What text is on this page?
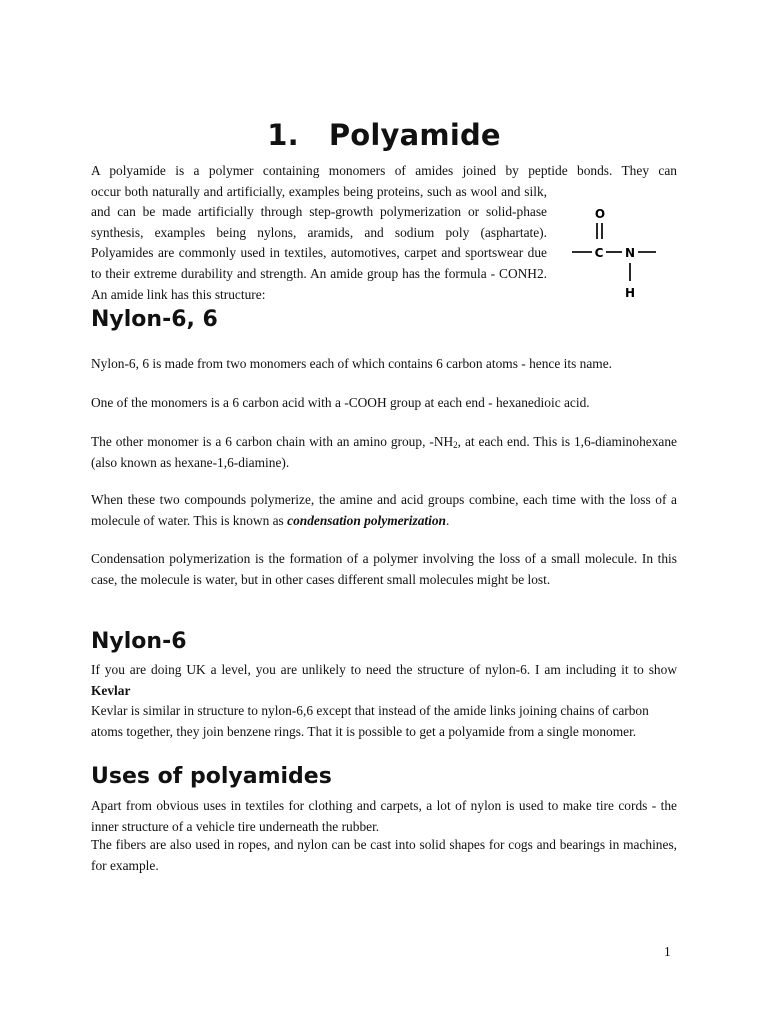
1. Polyamide

A polyamide is a polymer containing monomers of amides joined by peptide bonds. They can

occur both naturally and artificially, examples being proteins, such as wool and silk, and can be made artificially through step-growth polymerization or solid-phase synthesis, examples being nylons, aramids, and sodium poly (asphartate). Polyamides are commonly used in textiles, automotives, carpet and sportswear due to their extreme durability and strength. An amide group has the formula - CONH2. An amide link has this structure:

O
C N
H
Nylon-6, 6

Nylon-6, 6 is made from two monomers each of which contains 6 carbon atoms - hence its name.

One of the monomers is a 6 carbon acid with a -COOH group at each end - hexanedioic acid.

The other monomer is a 6 carbon chain with an amino group, $-NH_2$, at each end. This is 1,6-diaminohexane (also known as hexane-1,6-diamine).

When these two compounds polymerize, the amine and acid groups combine, each time with the loss of a molecule of water. This is known as condensation polymerization.

Condensation polymerization is the formation of a polymer involving the loss of a small molecule. In this case, the molecule is water, but in other cases different small molecules might be lost.

Nylon-6

If you are doing UK a level, you are unlikely to need the structure of nylon-6. I am including it to show Kevlar

Kevlar is similar in structure to nylon-6,6 except that instead of the amide links joining chains of carbon atoms together, they join benzene rings. That it is possible to get a polyamide from a single monomer.

Uses of polyamides

Apart from obvious uses in textiles for clothing and carpets, a lot of nylon is used to make tire cords - the inner structure of a vehicle tire underneath the rubber.

The fibers are also used in ropes, and nylon can be cast into solid shapes for cogs and bearings in machines, for example.

1
